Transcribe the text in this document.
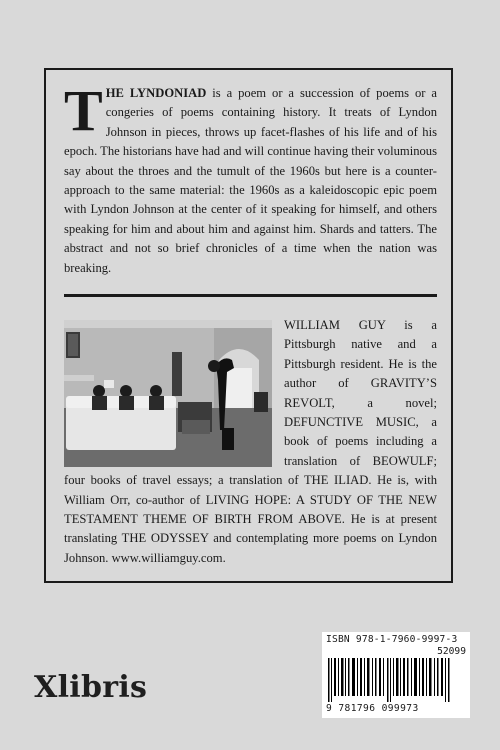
THE LYNDONIAD is a poem or a succession of poems or a congeries of poems containing history. It treats of Lyndon Johnson in pieces, throws up facet-flashes of his life and of his epoch. The historians have had and will continue having their voluminous say about the throes and the tumult of the 1960s but here is a counter-approach to the same material: the 1960s as a kaleidoscopic epic poem with Lyndon Johnson at the center of it speaking for himself, and others speaking for him and about him and against him. Shards and tatters. The abstract and not so brief chronicles of a time when the nation was breaking.
WILLIAM GUY is a Pittsburgh native and a Pittsburgh resident. He is the author of GRAVITY’S REVOLT, a novel; DEFUNCTIVE MUSIC, a book of poems including a translation of BEOWULF; four books of travel essays; a translation of THE ILIAD. He is, with William Orr, co-author of LIVING HOPE: A STUDY OF THE NEW TESTAMENT THEME OF BIRTH FROM ABOVE. He is at present translating THE ODYSSEY and contemplating more poems on Lyndon Johnson. www.williamguy.com.
ISBN 978-1-7960-9997-3
52099
9 781796 099973
Xlibris
